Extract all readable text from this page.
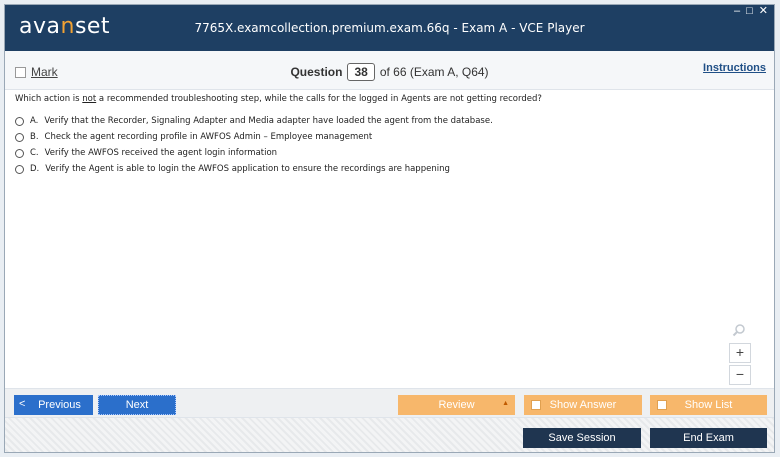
avanset	7765X.examcollection.premium.exam.66q - Exam A - VCE Player
– □ ✕
Mark	Question 38 of 66 (Exam A, Q64)	Instructions

Which action is not a recommended troubleshooting step, while the calls for the logged in Agents are not getting recorded?

A. Verify that the Recorder, Signaling Adapter and Media adapter have loaded the agent from the database.
B. Check the agent recording profile in AWFOS Admin – Employee management
C. Verify the AWFOS received the agent login information
D. Verify the Agent is able to login the AWFOS application to ensure the recordings are happening
+
−
< Previous	Next	Review	▲	Show Answer	Show List
Save Session	End Exam
